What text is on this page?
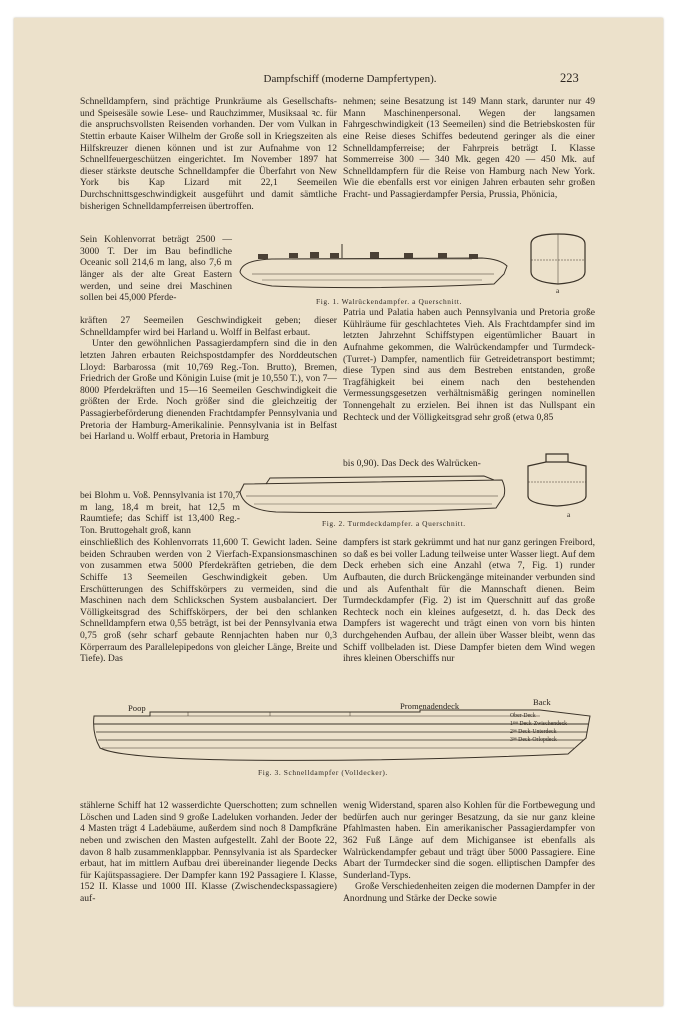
Dampfschiff (moderne Dampfertypen).	223

Schnelldampfern, sind prächtige Prunkräume als Gesellschafts- und Speisesäle sowie Lese- und Rauchzimmer, Musiksaal ꝛc. für die anspruchsvollsten Reisenden vorhanden. Der vom Vulkan in Stettin erbaute Kaiser Wilhelm der Große soll in Kriegszeiten als Hilfskreuzer dienen können und ist zur Aufnahme von 12 Schnellfeuergeschützen eingerichtet. Im November 1897 hat dieser stärkste deutsche Schnelldampfer die Überfahrt von New York bis Kap Lizard mit 22,1 Seemeilen Durchschnittsgeschwindigkeit ausgeführt und damit sämtliche bisherigen Schnelldampferreisen übertroffen.

Sein Kohlenvorrat beträgt 2500 — 3000 T. Der im Bau befindliche Oceanic soll 214,6 m lang, also 7,6 m länger als der alte Great Eastern werden, und seine drei Maschinen sollen bei 45,000 Pferde-

kräften 27 Seemeilen Geschwindigkeit geben; dieser Schnelldampfer wird bei Harland u. Wolff in Belfast erbaut.

Unter den gewöhnlichen Passagierdampfern sind die in den letzten Jahren erbauten Reichspostdampfer des Norddeutschen Lloyd: Barbarossa (mit 10,769 Reg.-Ton. Brutto), Bremen, Friedrich der Große und Königin Luise (mit je 10,550 T.), von 7—8000 Pferdekräften und 15—16 Seemeilen Geschwindigkeit die größten der Erde. Noch größer sind die gleichzeitig der Passagierbeförderung dienenden Frachtdampfer Pennsylvania und Pretoria der Hamburg-Amerikalinie. Pennsylvania ist in Belfast bei Harland u. Wolff erbaut, Pretoria in Hamburg

bei Blohm u. Voß. Pennsylvania ist 170,7 m lang, 18,4 m breit, hat 12,5 m Raumtiefe; das Schiff ist 13,400 Reg.-Ton. Bruttogehalt groß, kann

einschließlich des Kohlenvorrats 11,600 T. Gewicht laden. Seine beiden Schrauben werden von 2 Vierfach-Expansionsmaschinen von zusammen etwa 5000 Pferdekräften getrieben, die dem Schiffe 13 Seemeilen Geschwindigkeit geben. Um Erschütterungen des Schiffskörpers zu vermeiden, sind die Maschinen nach dem Schlickschen System ausbalanciert. Der Völligkeitsgrad des Schiffskörpers, der bei den schlanken Schnelldampfern etwa 0,55 beträgt, ist bei der Pennsylvania etwa 0,75 groß (sehr scharf gebaute Rennjachten haben nur 0,3 Körperraum des Parallelepipedons von gleicher Länge, Breite und Tiefe). Das

nehmen; seine Besatzung ist 149 Mann stark, darunter nur 49 Mann Maschinenpersonal. Wegen der langsamen Fahrgeschwindigkeit (13 Seemeilen) sind die Betriebskosten für eine Reise dieses Schiffes bedeutend geringer als die einer Schnelldampferreise; der Fahrpreis beträgt I. Klasse Sommerreise 300 — 340 Mk. gegen 420 — 450 Mk. auf Schnelldampfern für die Reise von Hamburg nach New York. Wie die ebenfalls erst vor einigen Jahren erbauten sehr großen Fracht- und Passagierdampfer Persia, Prussia, Phönicia,

Patria und Palatia haben auch Pennsylvania und Pretoria große Kühlräume für geschlachtetes Vieh. Als Frachtdampfer sind im letzten Jahrzehnt Schiffstypen eigentümlicher Bauart in Aufnahme gekommen, die Walrückendampfer und Turmdeck- (Turret-) Dampfer, namentlich für Getreidetransport bestimmt; diese Typen sind aus dem Bestreben entstanden, große Tragfähigkeit bei einem nach den bestehenden Vermessungsgesetzen verhältnismäßig geringen nominellen Tonnengehalt zu erzielen. Bei ihnen ist das Nullspant ein Rechteck und der Völligkeitsgrad sehr groß (etwa 0,85

bis 0,90). Das Deck des Walrücken-

dampfers ist stark gekrümmt und hat nur ganz geringen Freibord, so daß es bei voller Ladung teilweise unter Wasser liegt. Auf dem Deck erheben sich eine Anzahl (etwa 7, Fig. 1) runder Aufbauten, die durch Brückengänge miteinander verbunden sind und als Aufenthalt für die Mannschaft dienen. Beim Turmdeckdampfer (Fig. 2) ist im Querschnitt auf das große Rechteck noch ein kleines aufgesetzt, d. h. das Deck des Dampfers ist wagerecht und trägt einen von vorn bis hinten durchgehenden Aufbau, der allein über Wasser bleibt, wenn das Schiff vollbeladen ist. Diese Dampfer bieten dem Wind wegen ihres kleinen Oberschiffs nur

stählerne Schiff hat 12 wasserdichte Querschotten; zum schnellen Löschen und Laden sind 9 große Ladeluken vorhanden. Jeder der 4 Masten trägt 4 Ladebäume, außerdem sind noch 8 Dampfkräne neben und zwischen den Masten aufgestellt. Zahl der Boote 22, davon 8 halb zusammenklappbar. Pennsylvania ist als Spardecker erbaut, hat im mittlern Aufbau drei übereinander liegende Decks für Kajütspassagiere. Der Dampfer kann 192 Passagiere I. Klasse, 152 II. Klasse und 1000 III. Klasse (Zwischendeckspassagiere) auf-

wenig Widerstand, sparen also Kohlen für die Fortbewegung und bedürfen auch nur geringer Besatzung, da sie nur ganz kleine Pfahlmasten haben. Ein amerikanischer Passagierdampfer von 362 Fuß Länge auf dem Michigansee ist ebenfalls als Walrückendampfer gebaut und trägt über 5000 Passagiere. Eine Abart der Turmdecker sind die sogen. elliptischen Dampfer des Sunderland-Typs.

Große Verschiedenheiten zeigen die modernen Dampfer in der Anordnung und Stärke der Decke sowie

a
Fig. 1. Walrückendampfer. a Querschnitt.
a
Fig. 2. Turmdeckdampfer. a Querschnitt.
Poop	Promenadendeck	Back
Ober-Deck
1ˢᵗᵉˢ Deck-Zwischendeck
2ᵗᵉˢ Deck-Unterdeck
3ᵗᵉˢ Deck-Orlopdeck
Fig. 3. Schnelldampfer (Volldecker).
